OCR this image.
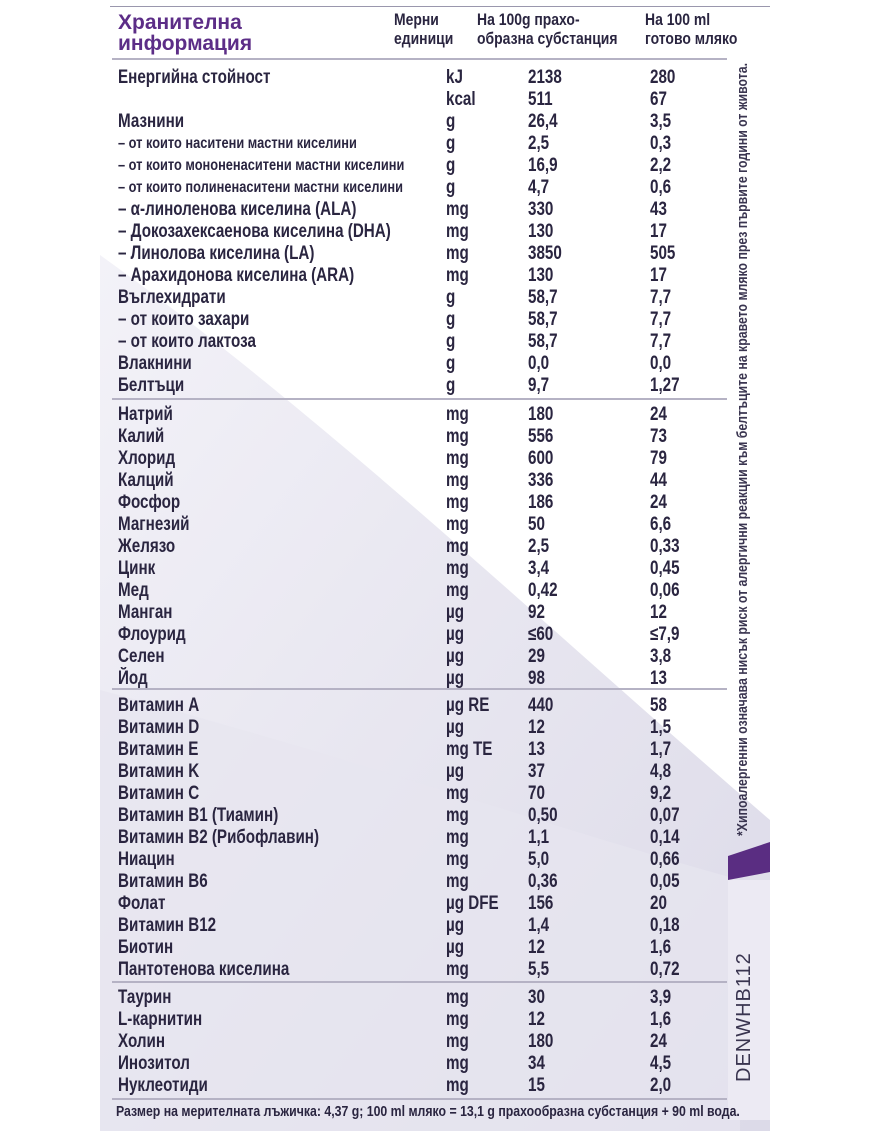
Хранителна
информация
Мерни
единици
На 100g прахо-
образна субстанция
На 100 ml
готово мляко
Енергийна стойност	kJ	2138	280
kcal	511	67
Мазнини	g	26,4	3,5
– от които наситени мастни киселини	g	2,5	0,3
– от които мононенаситени мастни киселини g	16,9	2,2
– от които полиненаситени мастни киселини g	4,7	0,6
– α-линоленова киселина (ALA)	mg	330	43
– Докозахексаенова киселина (DHA)	mg	130	17
– Линолова киселина (LA)	mg	3850	505
– Арахидонова киселина (ARA)	mg	130	17
Въглехидрати	g	58,7	7,7
– от които захари	g	58,7	7,7
– от които лактоза	g	58,7	7,7
Влакнини	g	0,0	0,0
Белтъци	g	9,7	1,27
Натрий	mg	180	24
Калий	mg	556	73
Хлорид	mg	600	79
Калций	mg	336	44
Фосфор	mg	186	24
Магнезий	mg	50	6,6
Желязо	mg	2,5	0,33
Цинк	mg	3,4	0,45
Мед	mg	0,42	0,06
Манган	µg	92	12
Флоурид	µg	≤60	≤7,9
Селен	µg	29	3,8
Йод	µg	98	13
Витамин A	µg RE 440	58
Витамин D	µg	12	1,5
Витамин E	mg TE 13	1,7
Витамин K	µg	37	4,8
Витамин C	mg	70	9,2
Витамин B1 (Тиамин)	mg	0,50	0,07
Витамин B2 (Рибофлавин)	mg	1,1	0,14
Ниацин	mg	5,0	0,66
Витамин B6	mg	0,36	0,05
Фолат	µg DFE 156	20
Витамин B12	µg	1,4	0,18
Биотин	µg	12	1,6
Пантотенова киселина	mg	5,5	0,72
Таурин	mg	30	3,9
L-карнитин	mg	12	1,6
Холин	mg	180	24
Инозитол	mg	34	4,5
Нуклеотиди	mg	15	2,0
*Хипоалергенни означава нисък риск от алергични реакции към белтъците на кравето мляко през първите години от живота.
DENWHB112
Размер на мерителната лъжичка: 4,37 g; 100 ml мляко = 13,1 g прахообразна субстанция + 90 ml вода.
